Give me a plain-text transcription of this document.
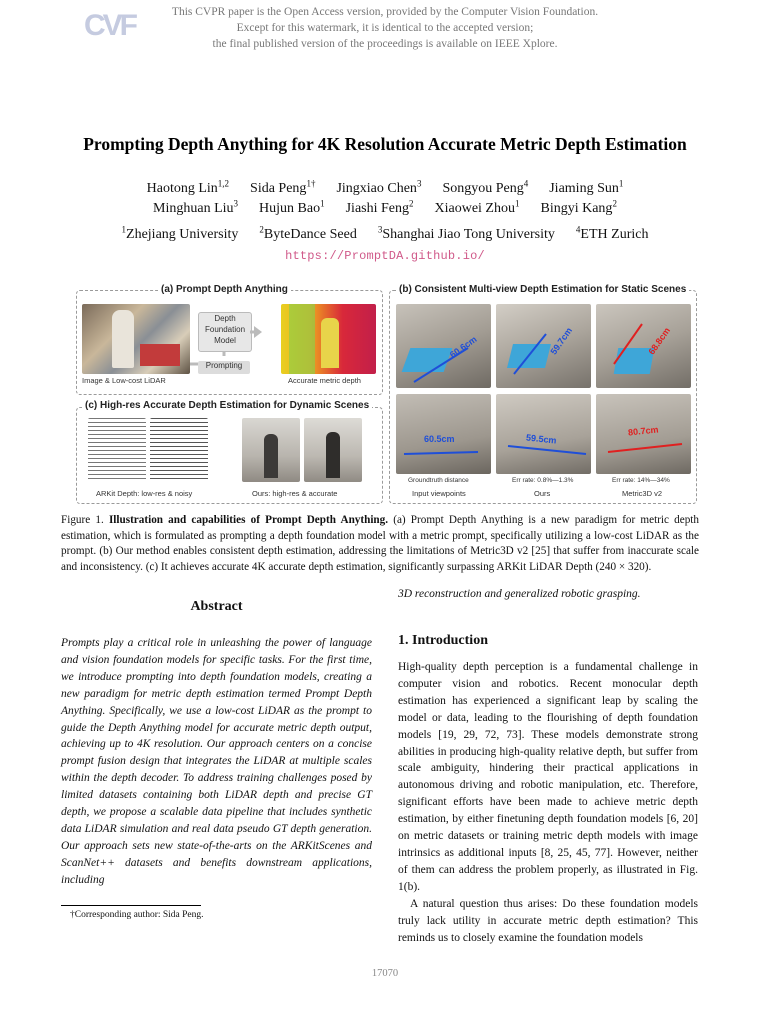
CVF	This CVPR paper is the Open Access version, provided by the Computer Vision Foundation.
Except for this watermark, it is identical to the accepted version;
the final published version of the proceedings is available on IEEE Xplore.
Prompting Depth Anything for 4K Resolution Accurate Metric Depth Estimation
Haotong Lin$^{1,2}$ Sida Peng$^{1\dagger}$ Jingxiao Chen$^3$ Songyou Peng$^4$ Jiaming Sun$^1$
Minghuan Liu$^3$ Hujun Bao$^1$ Jiashi Feng$^2$ Xiaowei Zhou$^1$ Bingyi Kang$^2$
$^1$Zhejiang University $^2$ByteDance Seed $^3$Shanghai Jiao Tong University $^4$ETH Zurich
https://PromptDA.github.io/
(a) Prompt Depth Anything
Depth
Foundation
Model
Prompting
Image & Low-cost LiDAR	Accurate metric depth
(c) High-res Accurate Depth Estimation for Dynamic Scenes
ARKit Depth: low-res & noisy	Ours: high-res & accurate
(b) Consistent Multi-view Depth Estimation for Static Scenes
60.6cm	59.7cm	68.8cm
60.5cm	59.5cm
80.7cm
Groundtruth distance	Err rate: 0.8%—1.3%	Err rate: 14%—34%
Input viewpoints	Ours	Metric3D v2
Figure 1. Illustration and capabilities of Prompt Depth Anything. (a) Prompt Depth Anything is a new paradigm for metric depth estimation, which is formulated as prompting a depth foundation model with a metric prompt, specifically utilizing a low-cost LiDAR as the prompt. (b) Our method enables consistent depth estimation, addressing the limitations of Metric3D v2 [25] that suffer from inaccurate scale and inconsistency. (c) It achieves accurate 4K accurate depth estimation, significantly surpassing ARKit LiDAR Depth (240 × 320).
Abstract
Prompts play a critical role in unleashing the power of language and vision foundation models for specific tasks. For the first time, we introduce prompting into depth foundation models, creating a new paradigm for metric depth estimation termed Prompt Depth Anything. Specifically, we use a low-cost LiDAR as the prompt to guide the Depth Anything model for accurate metric depth output, achieving up to 4K resolution. Our approach centers on a concise prompt fusion design that integrates the LiDAR at multiple scales within the depth decoder. To address training challenges posed by limited datasets containing both LiDAR depth and precise GT depth, we propose a scalable data pipeline that includes synthetic data LiDAR simulation and real data pseudo GT depth generation. Our approach sets new state-of-the-arts on the ARKitScenes and ScanNet++ datasets and benefits downstream applications, including
3D reconstruction and generalized robotic grasping.
1. Introduction
High-quality depth perception is a fundamental challenge in computer vision and robotics. Recent monocular depth estimation has experienced a significant leap by scaling the model or data, leading to the flourishing of depth foundation models [19, 29, 72, 73]. These models demonstrate strong abilities in producing high-quality relative depth, but suffer from scale ambiguity, hindering their practical applications in autonomous driving and robotic manipulation, etc. Therefore, significant efforts have been made to achieve metric depth estimation, by either finetuning depth foundation models [6, 20] on metric datasets or training metric depth models with image intrinsics as additional inputs [8, 25, 45, 77]. However, neither of them can address the problem properly, as illustrated in Fig. 1(b).
A natural question thus arises: Do these foundation models truly lack utility in accurate metric depth estimation? This reminds us to closely examine the foundation models
†Corresponding author: Sida Peng.
17070
